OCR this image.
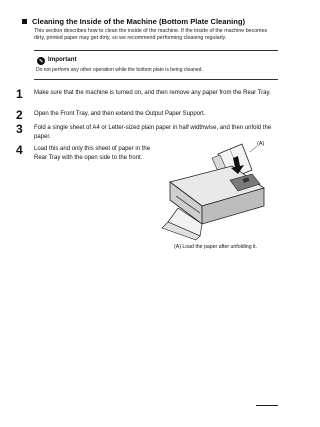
Cleaning the Inside of the Machine (Bottom Plate Cleaning)
This section describes how to clean the inside of the machine. If the inside of the machine becomes dirty, printed paper may get dirty, so we recommend performing cleaning regularly.
Important
Do not perform any other operation while the bottom plate is being cleaned.
1 Make sure that the machine is turned on, and then remove any paper from the Rear Tray.
2 Open the Front Tray, and then extend the Output Paper Support.
3 Fold a single sheet of A4 or Letter-sized plain paper in half widthwise, and then unfold the paper.
4 Load this and only this sheet of paper in the Rear Tray with the open side to the front.
(A)
(A) Load the paper after unfolding it.
